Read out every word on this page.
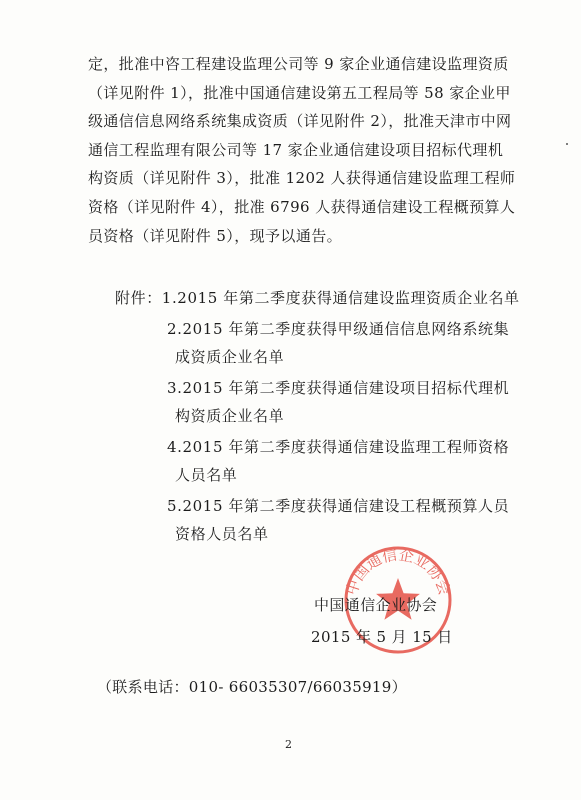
定，批准中咨工程建设监理公司等 9 家企业通信建设监理资质

（详见附件 1），批准中国通信建设第五工程局等 58 家企业甲

级通信信息网络系统集成资质（详见附件 2），批准天津市中网

通信工程监理有限公司等 17 家企业通信建设项目招标代理机

构资质（详见附件 3），批准 1202 人获得通信建设监理工程师

资格（详见附件 4），批准 6796 人获得通信建设工程概预算人

员资格（详见附件 5），现予以通告。

附件：1.2015 年第二季度获得通信建设监理资质企业名单
2.2015 年第二季度获得甲级通信信息网络系统集
成资质企业名单
3.2015 年第二季度获得通信建设项目招标代理机
构资质企业名单
4.2015 年第二季度获得通信建设监理工程师资格
人员名单
5.2015 年第二季度获得通信建设工程概预算人员
资格人员名单
中国通信企业协会
中国通信企业协会
2015 年 5 月 15 日
（联系电话：010- 66035307/66035919）
2
